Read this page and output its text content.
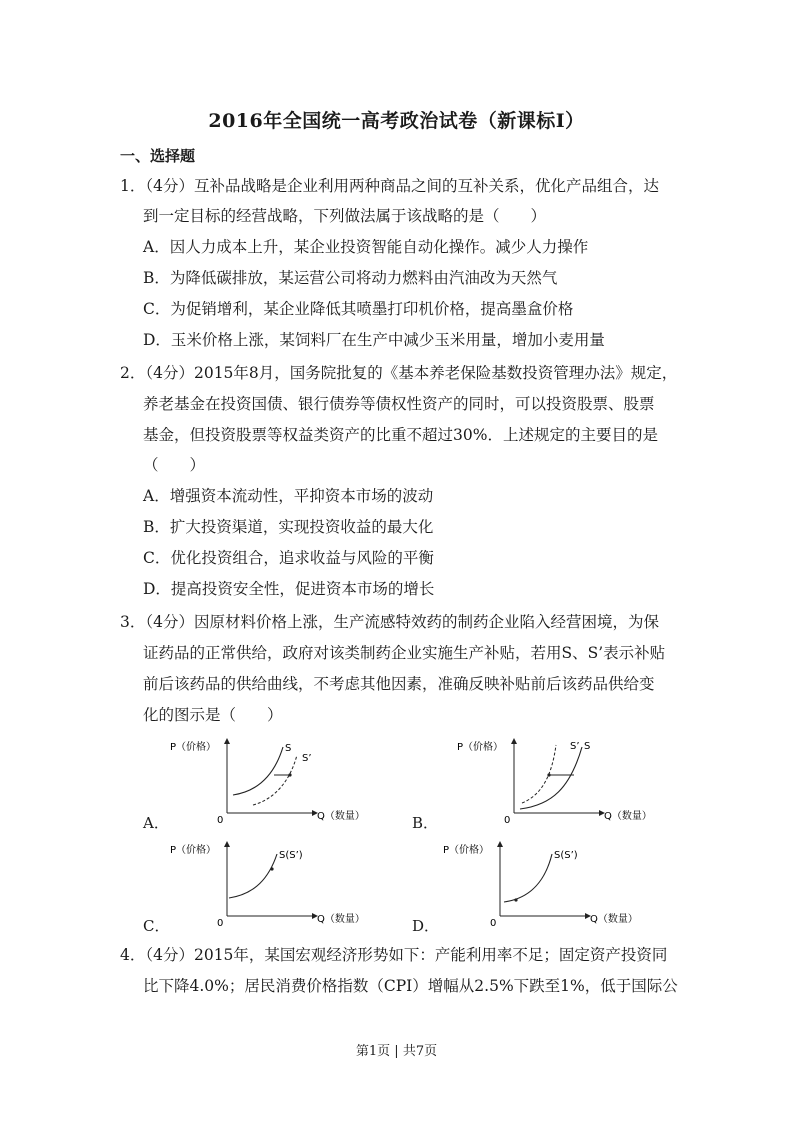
2016年全国统一高考政治试卷（新课标I）
一、选择题
1．（4分）互补品战略是企业利用两种商品之间的互补关系，优化产品组合，达
到一定目标的经营战略，下列做法属于该战略的是（　　）
A．因人力成本上升，某企业投资智能自动化操作。减少人力操作
B．为降低碳排放，某运营公司将动力燃料由汽油改为天然气
C．为促销增利，某企业降低其喷墨打印机价格，提高墨盒价格
D．玉米价格上涨，某饲料厂在生产中减少玉米用量，增加小麦用量
2．（4分）2015年8月，国务院批复的《基本养老保险基数投资管理办法》规定，
养老基金在投资国债、银行债券等债权性资产的同时，可以投资股票、股票
基金，但投资股票等权益类资产的比重不超过30%．上述规定的主要目的是
（　　）
A．增强资本流动性，平抑资本市场的波动
B．扩大投资渠道，实现投资收益的最大化
C．优化投资组合，追求收益与风险的平衡
D．提高投资安全性，促进资本市场的增长
3．（4分）因原材料价格上涨，生产流感特效药的制药企业陷入经营困境，为保
证药品的正常供给，政府对该类制药企业实施生产补贴，若用S、S’表示补贴
前后该药品的供给曲线，不考虑其他因素，准确反映补贴前后该药品供给变
化的图示是（　　）
A．
P（价格）
Q（数量）
0
S
S’
B．
P（价格）
Q（数量）
0
S’ S
C．
P（价格）
Q（数量）
0
S(S’)
D．
P（价格）
Q（数量）
0
S(S’)
4．（4分）2015年，某国宏观经济形势如下：产能利用率不足；固定资产投资同
比下降4.0%；居民消费价格指数（CPI）增幅从2.5%下跌至1%，低于国际公
第1页 | 共7页
